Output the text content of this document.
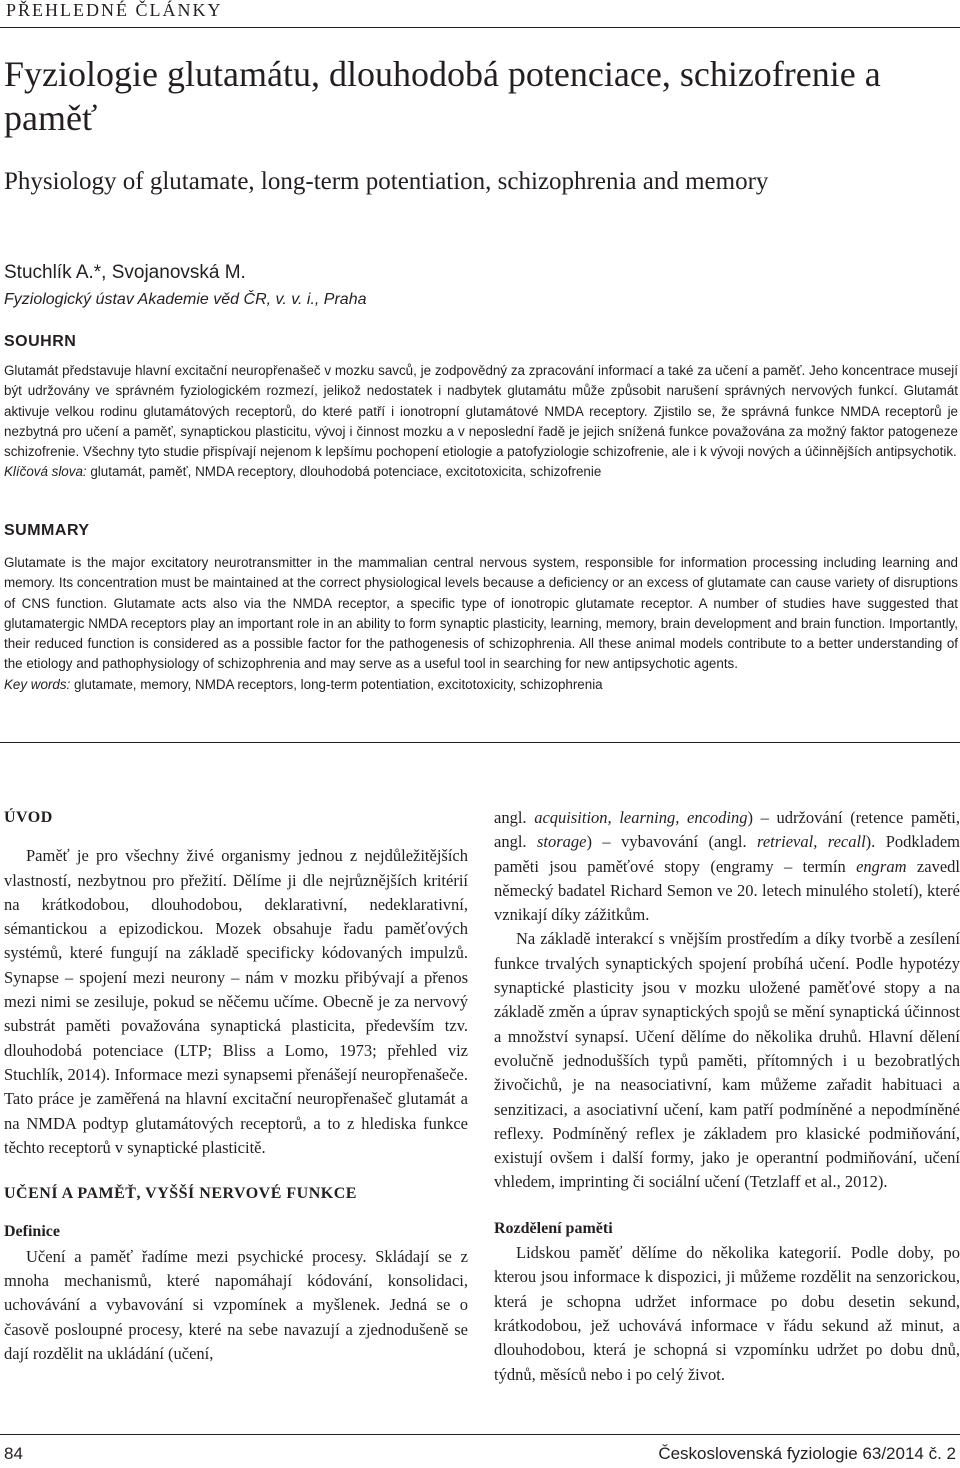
PŘEHLEDNÉ ČLÁNKY
Fyziologie glutamátu, dlouhodobá potenciace, schizofrenie a paměť
Physiology of glutamate, long-term potentiation, schizophrenia and memory
Stuchlík A.*, Svojanovská M.
Fyziologický ústav Akademie věd ČR, v. v. i., Praha
SOUHRN

Glutamát představuje hlavní excitační neuropřenašeč v mozku savců, je zodpovědný za zpracování informací a také za učení a paměť. Jeho koncentrace musejí být udržovány ve správném fyziologickém rozmezí, jelikož nedostatek i nadbytek glutamátu může způsobit narušení správných nervových funkcí. Glutamát aktivuje velkou rodinu glutamátových receptorů, do které patří i ionotropní glutamátové NMDA receptory. Zjistilo se, že správná funkce NMDA receptorů je nezbytná pro učení a paměť, synaptickou plasticitu, vývoj i činnost mozku a v neposlední řadě je jejich snížená funkce považována za možný faktor patogeneze schizofrenie. Všechny tyto studie přispívají nejenom k lepšímu pochopení etiologie a patofyziologie schizofrenie, ale i k vývoji nových a účinnějších antipsychotik.

Klíčová slova: glutamát, paměť, NMDA receptory, dlouhodobá potenciace, excitotoxicita, schizofrenie

SUMMARY

Glutamate is the major excitatory neurotransmitter in the mammalian central nervous system, responsible for information processing including learning and memory. Its concentration must be maintained at the correct physiological levels because a deficiency or an excess of glutamate can cause variety of disruptions of CNS function. Glutamate acts also via the NMDA receptor, a specific type of ionotropic glutamate receptor. A number of studies have suggested that glutamatergic NMDA receptors play an important role in an ability to form synaptic plasticity, learning, memory, brain development and brain function. Importantly, their reduced function is considered as a possible factor for the pathogenesis of schizophrenia. All these animal models contribute to a better understanding of the etiology and pathophysiology of schizophrenia and may serve as a useful tool in searching for new antipsychotic agents.

Key words: glutamate, memory, NMDA receptors, long-term potentiation, excitotoxicity, schizophrenia

ÚVOD

Paměť je pro všechny živé organismy jednou z nejdůležitějších vlastností, nezbytnou pro přežití. Dělíme ji dle nejrůznějších kritérií na krátkodobou, dlouhodobou, deklarativní, nedeklarativní, sémantickou a epizodickou. Mozek obsahuje řadu paměťových systémů, které fungují na základě specificky kódovaných impulzů. Synapse – spojení mezi neurony – nám v mozku přibývají a přenos mezi nimi se zesiluje, pokud se něčemu učíme. Obecně je za nervový substrát paměti považována synaptická plasticita, především tzv. dlouhodobá potenciace (LTP; Bliss a Lomo, 1973; přehled viz Stuchlík, 2014). Informace mezi synapsemi přenášejí neuropřenašeče. Tato práce je zaměřená na hlavní excitační neuropřenašeč glutamát a na NMDA podtyp glutamátových receptorů, a to z hlediska funkce těchto receptorů v synaptické plasticitě.

UČENÍ A PAMĚŤ, VYŠŠÍ NERVOVÉ FUNKCE
Definice

Učení a paměť řadíme mezi psychické procesy. Skládají se z mnoha mechanismů, které napomáhají kódování, konsolidaci, uchovávání a vybavování si vzpomínek a myšlenek. Jedná se o časově posloupné procesy, které na sebe navazují a zjednodušeně se dají rozdělit na ukládání (učení,

angl. acquisition, learning, encoding) – udržování (retence paměti, angl. storage) – vybavování (angl. retrieval, recall). Podkladem paměti jsou paměťové stopy (engramy – termín engram zavedl německý badatel Richard Semon ve 20. letech minulého století), které vznikají díky zážitkům.

Na základě interakcí s vnějším prostředím a díky tvorbě a zesílení funkce trvalých synaptických spojení probíhá učení. Podle hypotézy synaptické plasticity jsou v mozku uložené paměťové stopy a na základě změn a úprav synaptických spojů se mění synaptická účinnost a množství synapsí. Učení dělíme do několika druhů. Hlavní dělení evolučně jednodušších typů paměti, přítomných i u bezobratlých živočichů, je na neasociativní, kam můžeme zařadit habituaci a senzitizaci, a asociativní učení, kam patří podmíněné a nepodmíněné reflexy. Podmíněný reflex je základem pro klasické podmiňování, existují ovšem i další formy, jako je operantní podmiňování, učení vhledem, imprinting či sociální učení (Tetzlaff et al., 2012).

Rozdělení paměti

Lidskou paměť dělíme do několika kategorií. Podle doby, po kterou jsou informace k dispozici, ji můžeme rozdělit na senzorickou, která je schopna udržet informace po dobu desetin sekund, krátkodobou, jež uchovává informace v řádu sekund až minut, a dlouhodobou, která je schopná si vzpomínku udržet po dobu dnů, týdnů, měsíců nebo i po celý život.

84	Československá fyziologie 63/2014 č. 2
